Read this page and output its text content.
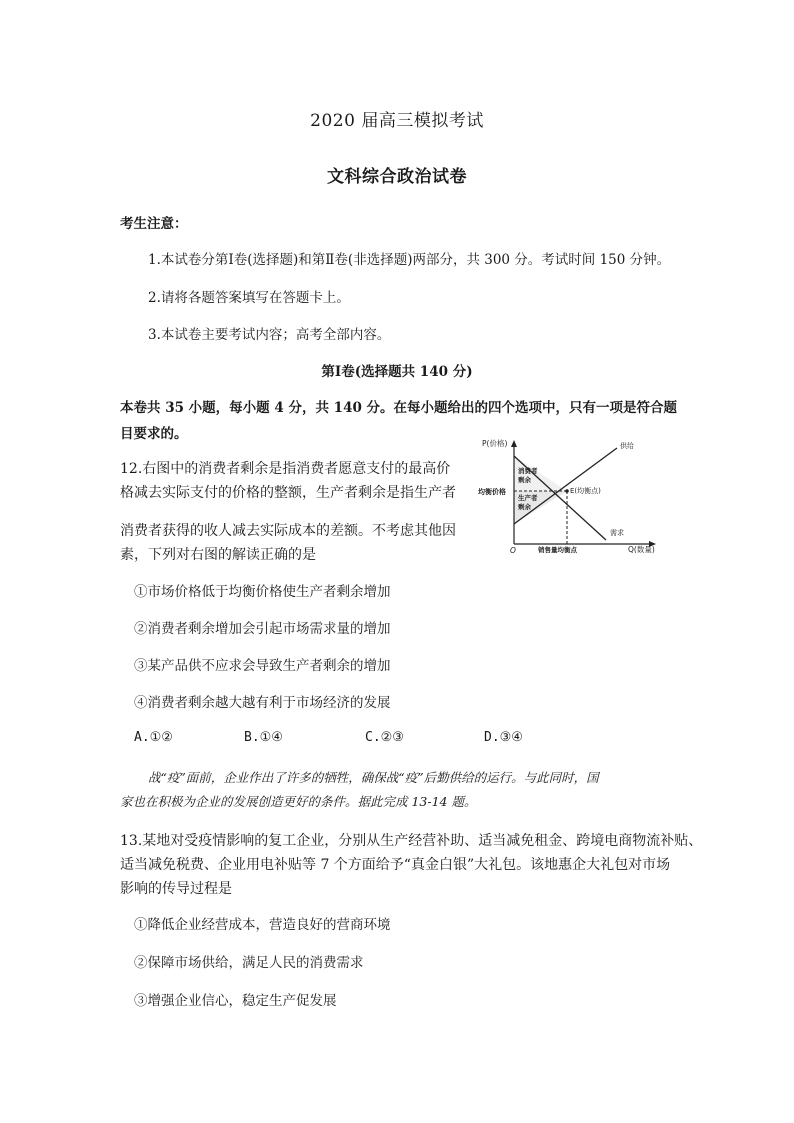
2020 届高三模拟考试
文科综合政治试卷
考生注意：
1.本试卷分第Ⅰ卷(选择题)和第Ⅱ卷(非选择题)两部分，共 300 分。考试时间 150 分钟。
2.请将各题答案填写在答题卡上。
3.本试卷主要考试内容；高考全部内容。
第Ⅰ卷(选择题共 140 分)
本卷共 35 小题，每小题 4 分，共 140 分。在每小题给出的四个选项中，只有一项是符合题
目要求的。
12.右图中的消费者剩余是指消费者愿意支付的最高价
格减去实际支付的价格的整额，生产者剩余是指生产者
消费者获得的收人减去实际成本的差额。不考虑其他因
素，下列对右图的解读正确的是
P(价格)
Q(数量)
O
均衡价格
销售量均衡点
E(均衡点)
供给
需求
消费者
剩余
生产者
剩余
①市场价格低于均衡价格使生产者剩余增加
②消费者剩余增加会引起市场需求量的增加
③某产品供不应求会导致生产者剩余的增加
④消费者剩余越大越有利于市场经济的发展
A.①②	B.①④	C.②③	D.③④
战“疫”面前，企业作出了许多的牺牲，确保战“疫”后勤供给的运行。与此同时，国
家也在积极为企业的发展创造更好的条件。据此完成 13-14 题。
13.某地对受疫情影响的复工企业，分别从生产经营补助、适当减免租金、跨境电商物流补贴、
适当减免税费、企业用电补贴等 7 个方面给予“真金白银”大礼包。该地惠企大礼包对市场
影响的传导过程是
①降低企业经营成本，营造良好的营商环境
②保障市场供给，满足人民的消费需求
③增强企业信心，稳定生产促发展
